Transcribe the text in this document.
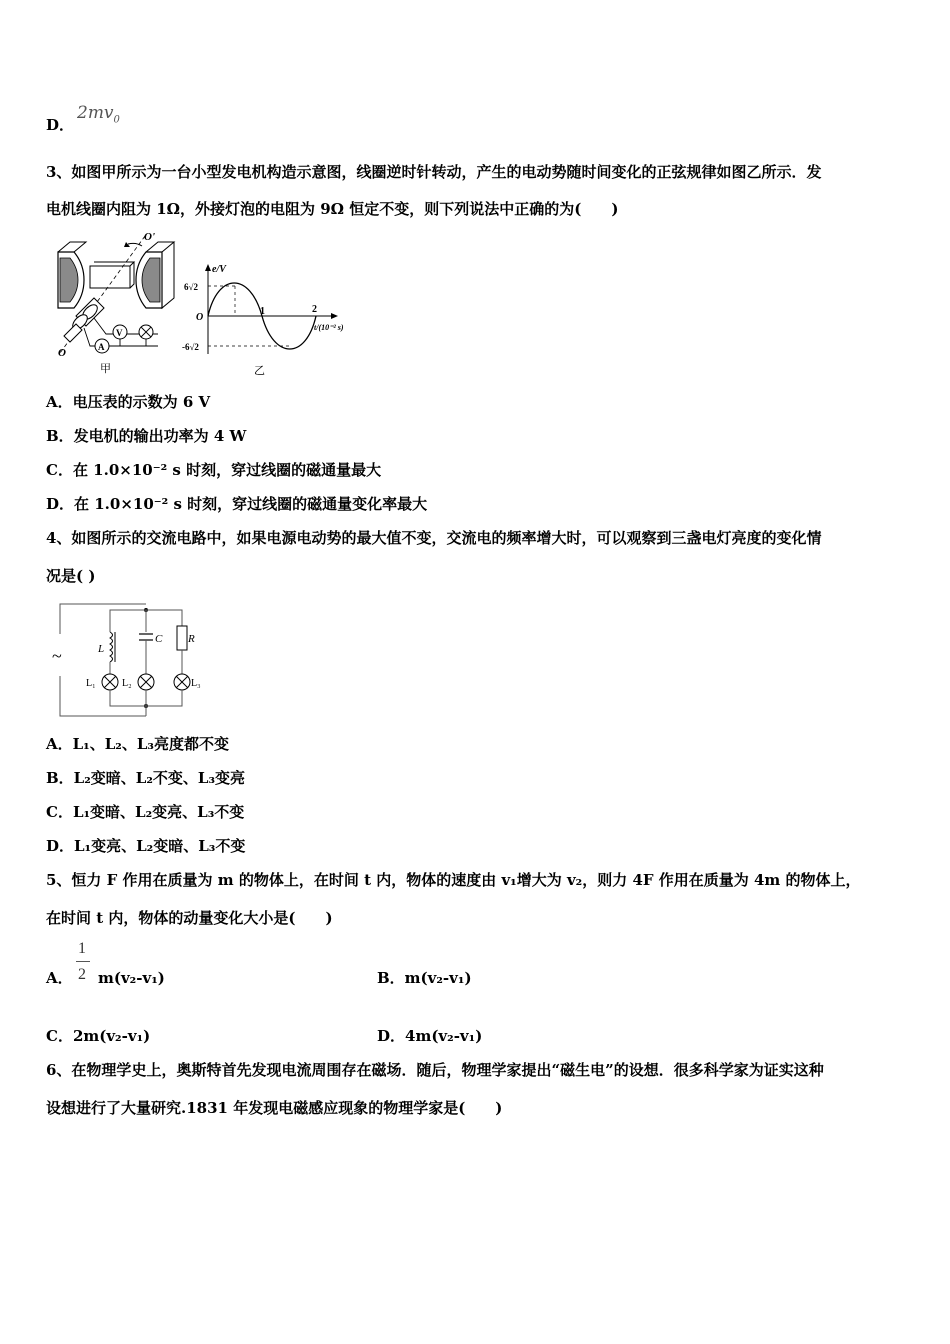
D．
$2mv_0$
3、如图甲所示为一台小型发电机构造示意图，线圈逆时针转动，产生的电动势随时间变化的正弦规律如图乙所示．发
电机线圈内阻为 1Ω，外接灯泡的电阻为 9Ω 恒定不变，则下列说法中正确的为(　　)
O'
O
V
A
甲
e/V
6√2
-6√2
O
1	2
t/(10⁻² s)
乙
A．电压表的示数为 6 V
B．发电机的输出功率为 4 W
C．在 1.0×10⁻² s 时刻，穿过线圈的磁通量最大
D．在 1.0×10⁻² s 时刻，穿过线圈的磁通量变化率最大
4、如图所示的交流电路中，如果电源电动势的最大值不变，交流电的频率增大时，可以观察到三盏电灯亮度的变化情
况是( )
~	L
C R
L₁	L₂	L₃
A．L₁、L₂、L₃亮度都不变
B．L₂变暗、L₂不变、L₃变亮
C．L₁变暗、L₂变亮、L₃不变
D．L₁变亮、L₂变暗、L₃不变
5、恒力 F 作用在质量为 m 的物体上，在时间 t 内，物体的速度由 v₁增大为 v₂，则力 4F 作用在质量为 4m 的物体上，
在时间 t 内，物体的动量变化大小是(　　)
A．
1
2 m(v₂-v₁)	B．m(v₂-v₁)
C．2m(v₂-v₁)	D．4m(v₂-v₁)
6、在物理学史上，奥斯特首先发现电流周围存在磁场．随后，物理学家提出“磁生电”的设想．很多科学家为证实这种
设想进行了大量研究.1831 年发现电磁感应现象的物理学家是(　　)
